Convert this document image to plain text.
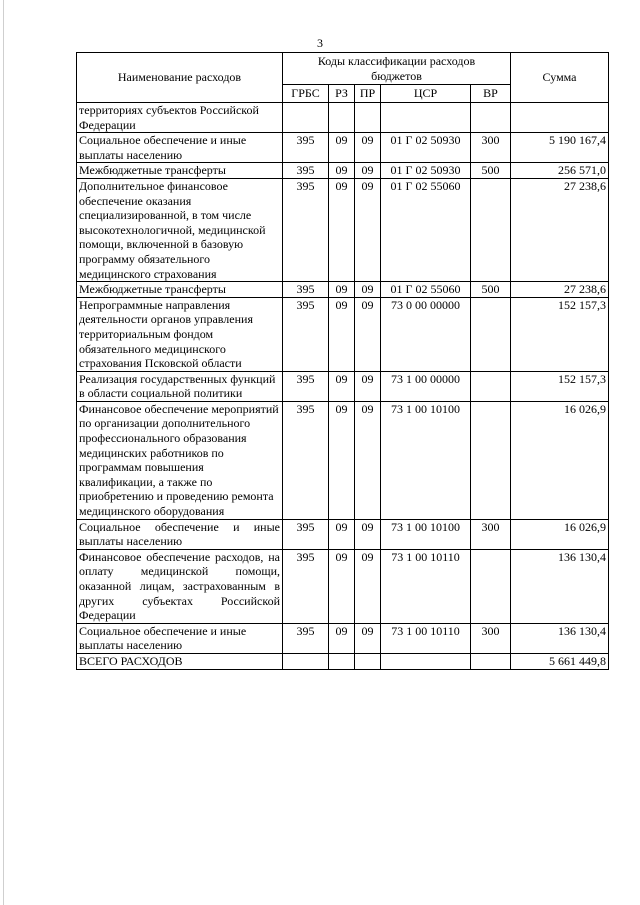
3
Наименование расходов	Коды классификации расходов
бюджетов					Сумма
	ГРБС	РЗ	ПР	ЦСР	ВР	
территориях субъектов Российской Федерации						
Социальное обеспечение и иные выплаты населению	395	09	09	01 Г 02 50930	300	5 190 167,4
Межбюджетные трансферты	395	09	09	01 Г 02 50930	500	256 571,0
Дополнительное финансовое обеспечение оказания специализированной, в том числе высокотехнологичной, медицинской помощи, включенной в базовую программу обязательного медицинского страхования	395	09	09	01 Г 02 55060		27 238,6
Межбюджетные трансферты	395	09	09	01 Г 02 55060	500	27 238,6
Непрограммные направления деятельности органов управления территориальным фондом обязательного медицинского страхования Псковской области	395	09	09	73 0 00 00000		152 157,3
Реализация государственных функций в области социальной политики	395	09	09	73 1 00 00000		152 157,3
Финансовое обеспечение мероприятий по организации дополнительного профессионального образования медицинских работников по программам повышения квалификации, а также по приобретению и проведению ремонта медицинского оборудования	395	09	09	73 1 00 10100		16 026,9
Социальное обеспечение и иные выплаты населению	395	09	09	73 1 00 10100	300	16 026,9
Финансовое обеспечение расходов, на оплату медицинской помощи, оказанной лицам, застрахованным в других субъектах Российской Федерации	395	09	09	73 1 00 10110		136 130,4
Социальное обеспечение и иные выплаты населению	395	09	09	73 1 00 10110	300	136 130,4
ВСЕГО РАСХОДОВ						5 661 449,8
